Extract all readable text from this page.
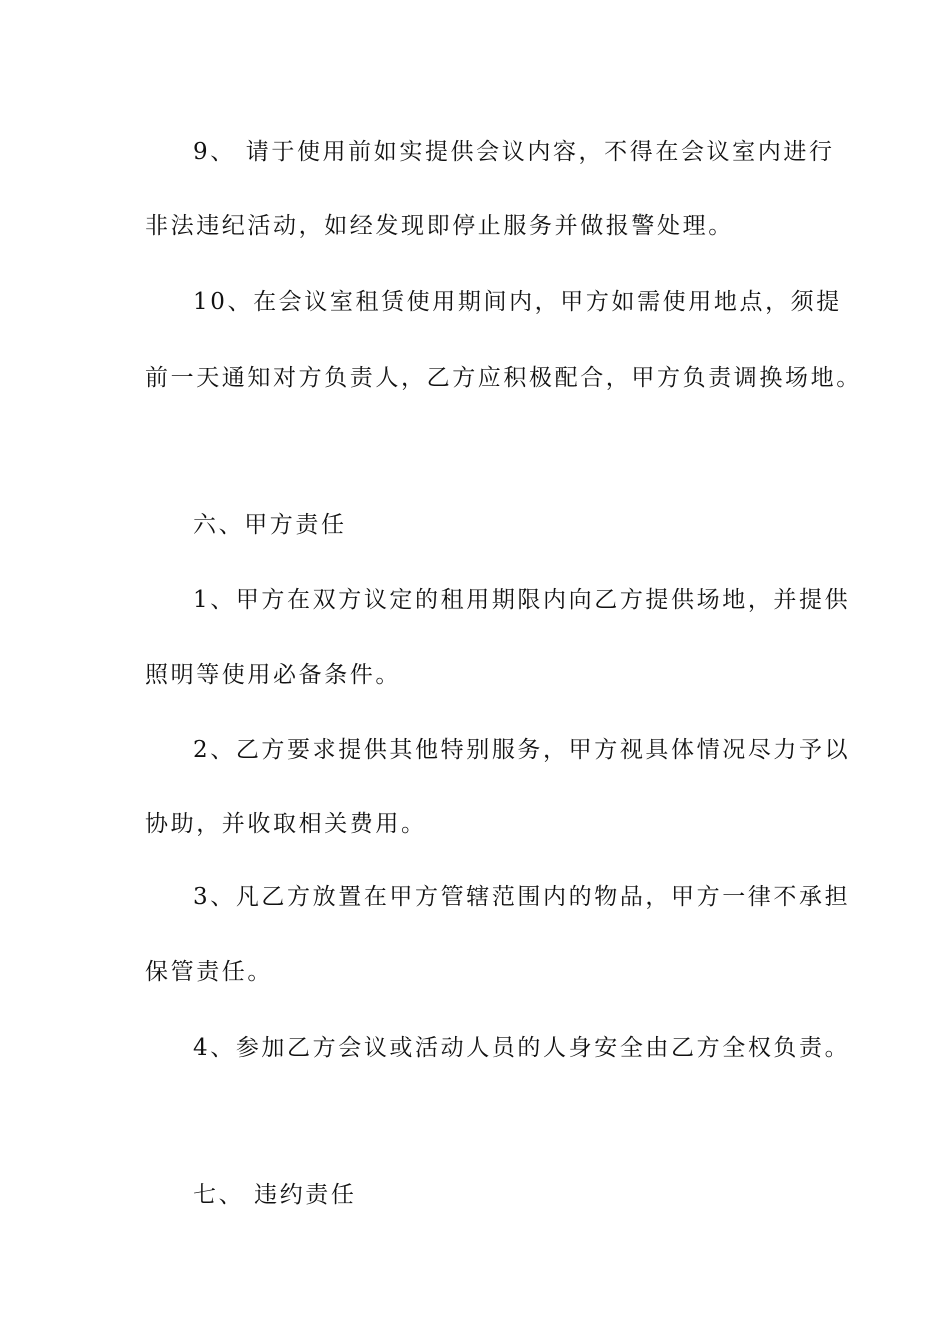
9、 请于使用前如实提供会议内容，不得在会议室内进行
非法违纪活动，如经发现即停止服务并做报警处理。
10、在会议室租赁使用期间内，甲方如需使用地点，须提
前一天通知对方负责人，乙方应积极配合，甲方负责调换场地。
六、甲方责任
1、甲方在双方议定的租用期限内向乙方提供场地，并提供
照明等使用必备条件。
2、乙方要求提供其他特别服务，甲方视具体情况尽力予以
协助，并收取相关费用。
3、凡乙方放置在甲方管辖范围内的物品，甲方一律不承担
保管责任。
4、参加乙方会议或活动人员的人身安全由乙方全权负责。
七、 违约责任
